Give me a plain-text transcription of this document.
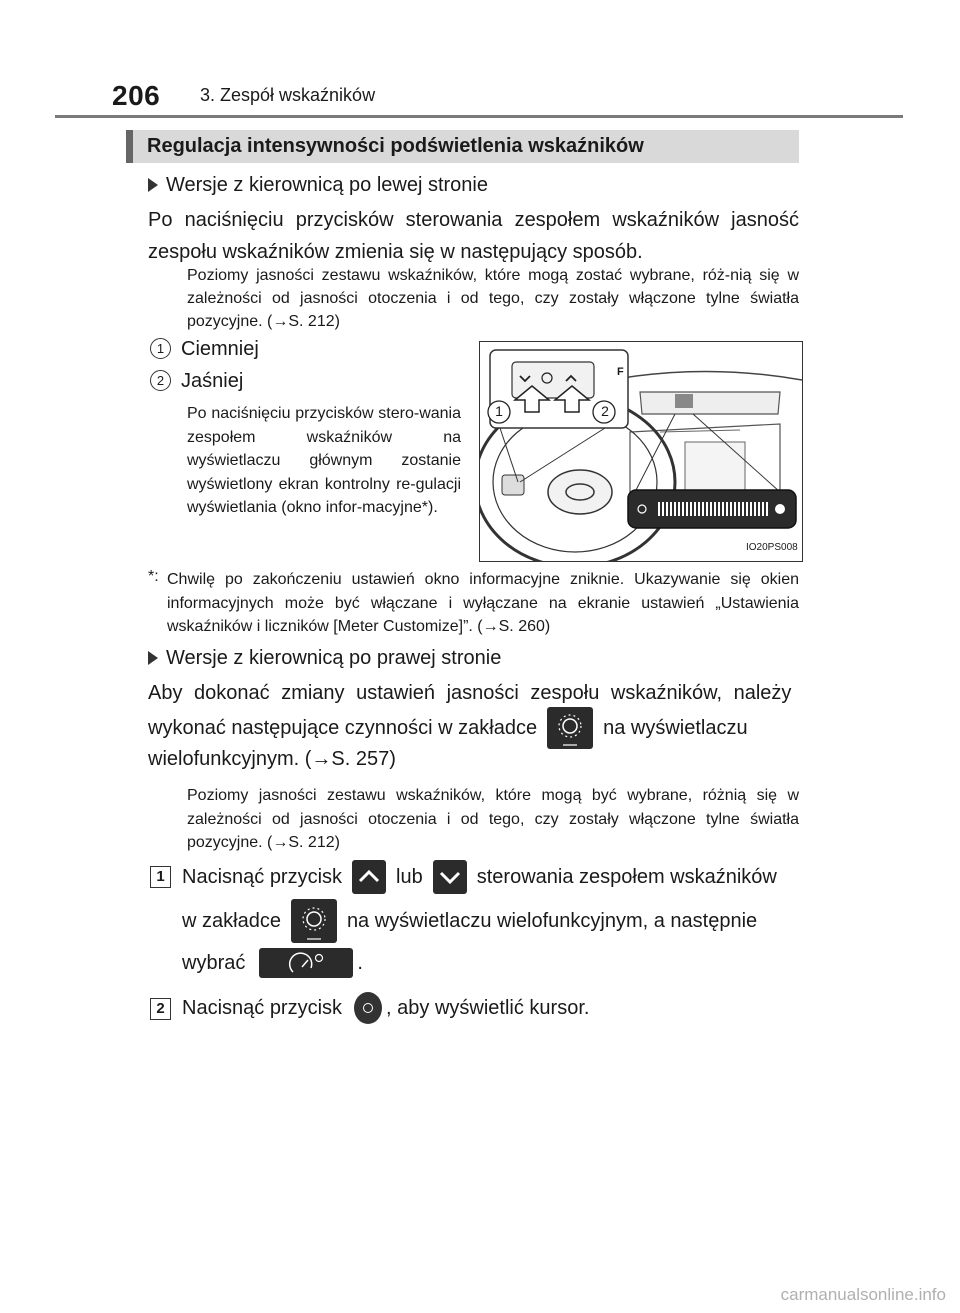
206 3. Zespół wskaźników
Regulacja intensywności podświetlenia wskaźników
Wersje z kierownicą po lewej stronie
Po naciśnięciu przycisków sterowania zespołem wskaźników jasność zespołu wskaźników zmienia się w następujący sposób.
Poziomy jasności zestawu wskaźników, które mogą zostać wybrane, róż-nią się w zależności od jasności otoczenia i od tego, czy zostały włączone tylne światła pozycyjne. (→S. 212)
1 Ciemniej
2 Jaśniej
Po naciśnięciu przycisków stero-wania zespołem wskaźników na wyświetlaczu głównym zostanie wyświetlony ekran kontrolny re-gulacji wyświetlania (okno infor-macyjne*).
1	2
F
IO20PS008
*: Chwilę po zakończeniu ustawień okno informacyjne zniknie. Ukazywanie się okien informacyjnych może być włączane i wyłączane na ekranie ustawień „Ustawienia wskaźników i liczników [Meter Customize]”. (→S. 260)
Wersje z kierownicą po prawej stronie
Aby dokonać zmiany ustawień jasności zespołu wskaźników, należy
wykonać następujące czynności w zakładce	na wyświetlaczu
wielofunkcyjnym. (→S. 257)
Poziomy jasności zestawu wskaźników, które mogą być wybrane, różnią się w zależności od jasności otoczenia i od tego, czy zostały włączone tylne światła pozycyjne. (→S. 212)
1 Nacisnąć przycisk	lub	sterowania zespołem wskaźników
w zakładce	na wyświetlaczu wielofunkcyjnym, a następnie
wybrać	.
2 Nacisnąć przycisk , aby wyświetlić kursor.
carmanualsonline.info
